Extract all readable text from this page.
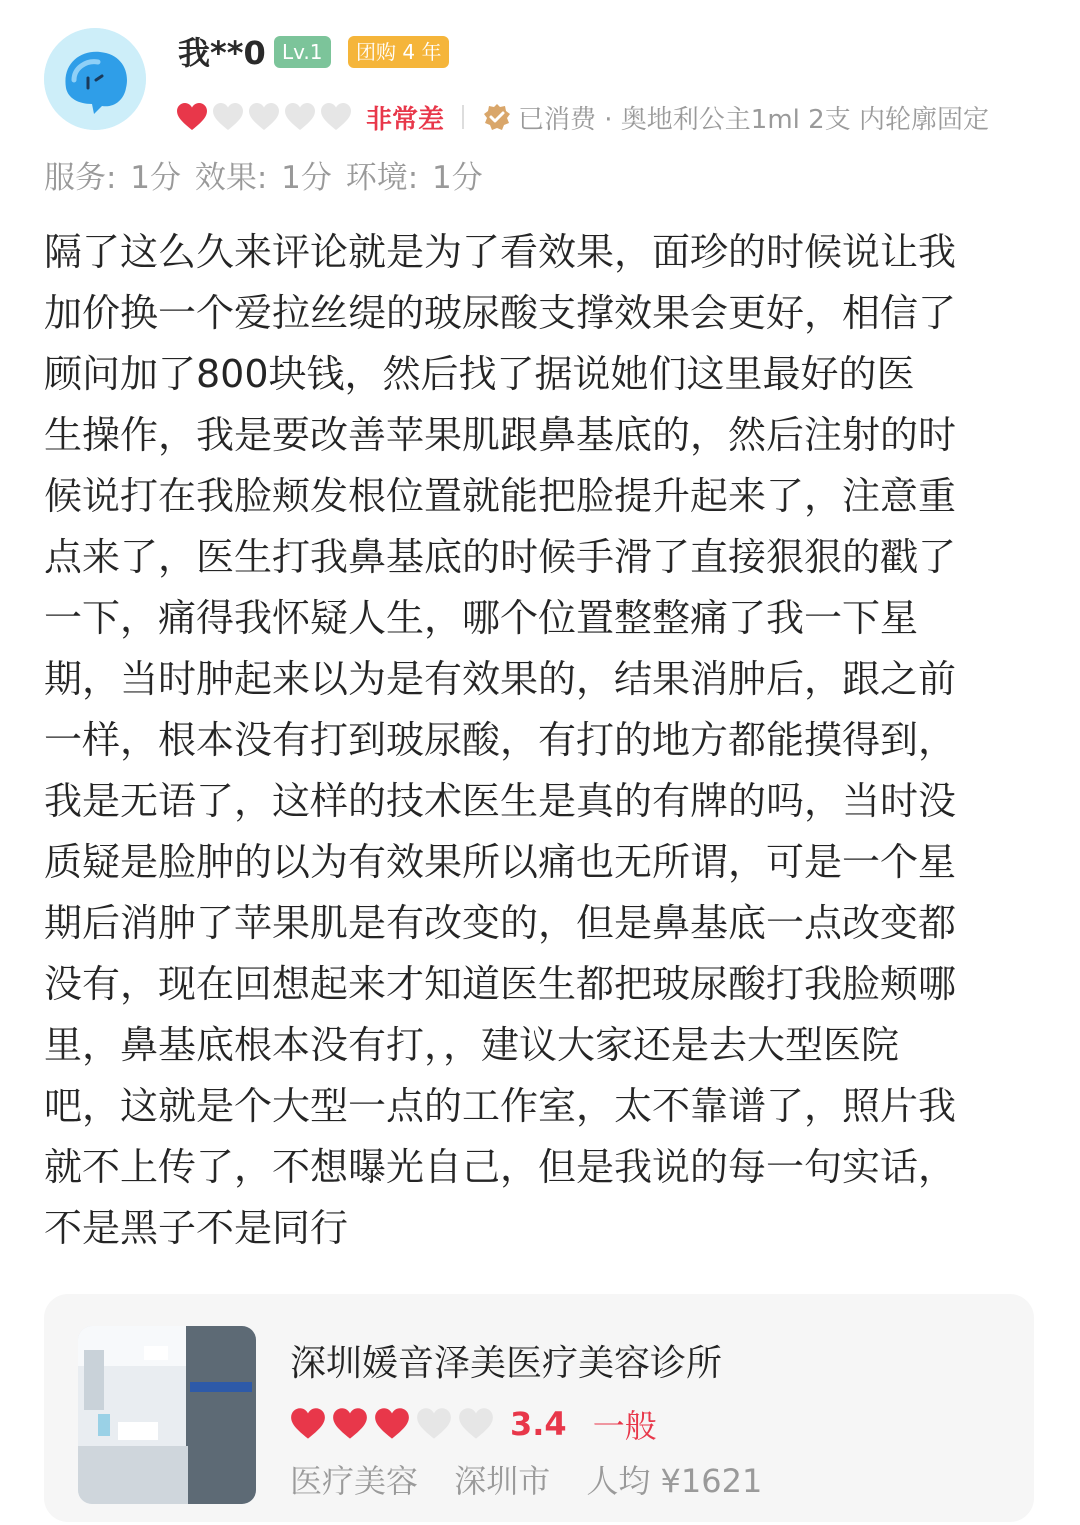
我**0 Lv.1	团购 4 年
非常差	已消费 · 奥地利公主1ml 2支 内轮廓固定
服务: 1分 效果: 1分 环境: 1分
隔了这么久来评论就是为了看效果，面珍的时候说让我
加价换一个爱拉丝缇的玻尿酸支撑效果会更好，相信了
顾问加了800块钱，然后找了据说她们这里最好的医
生操作，我是要改善苹果肌跟鼻基底的，然后注射的时
候说打在我脸颊发根位置就能把脸提升起来了，注意重
点来了，医生打我鼻基底的时候手滑了直接狠狠的戳了
一下，痛得我怀疑人生，哪个位置整整痛了我一下星
期，当时肿起来以为是有效果的，结果消肿后，跟之前
一样，根本没有打到玻尿酸，有打的地方都能摸得到，
我是无语了，这样的技术医生是真的有牌的吗，当时没
质疑是脸肿的以为有效果所以痛也无所谓，可是一个星
期后消肿了苹果肌是有改变的，但是鼻基底一点改变都
没有，现在回想起来才知道医生都把玻尿酸打我脸颊哪
里，鼻基底根本没有打，，建议大家还是去大型医院
吧，这就是个大型一点的工作室，太不靠谱了，照片我
就不上传了，不想曝光自己，但是我说的每一句实话，
不是黑子不是同行
深圳媛音泽美医疗美容诊所
3.4 一般
医疗美容 深圳市 人均 ¥1621
